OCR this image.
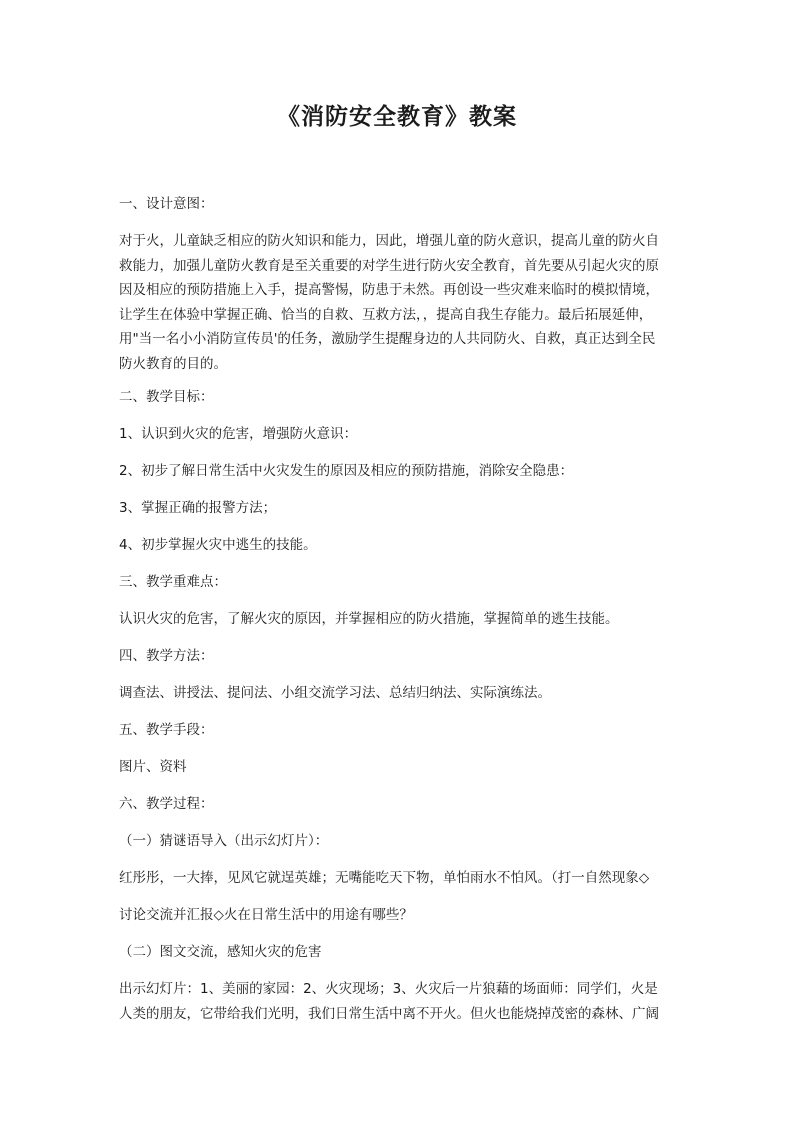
《消防安全教育》教案

一、设计意图：

对于火，儿童缺乏相应的防火知识和能力，因此，增强儿童的防火意识，提高儿童的防火自
救能力，加强儿童防火教育是至关重要的对学生进行防火安全教育，首先要从引起火灾的原
因及相应的预防措施上入手，提高警惕，防患于未然。再创设一些灾难来临时的模拟情境，
让学生在体验中掌握正确、恰当的自救、互救方法，，提高自我生存能力。最后拓展延伸，
用"当一名小小消防宣传员'的任务，激励学生提醒身边的人共同防火、自救，真正达到全民
防火教育的目的。

二、教学目标：

1、认识到火灾的危害，增强防火意识：

2、初步了解日常生活中火灾发生的原因及相应的预防措施，消除安全隐患：

3、掌握正确的报警方法；

4、初步掌握火灾中逃生的技能。

三、教学重难点：

认识火灾的危害，了解火灾的原因，并掌握相应的防火措施，掌握简单的逃生技能。

四、教学方法：

调查法、讲授法、提问法、小组交流学习法、总结归纳法、实际演练法。

五、教学手段：

图片、资料

六、教学过程：

（一）猜谜语导入（出示幻灯片）：

红彤彤，一大捧，见风它就逞英雄；无嘴能吃天下物，单怕雨水不怕风。（打一自然现象◇

讨论交流并汇报◇火在日常生活中的用途有哪些？

（二）图文交流，感知火灾的危害

出示幻灯片：1、美丽的家园：2、火灾现场；3、火灾后一片狼藉的场面师：同学们，火是
人类的朋友，它带给我们光明，我们日常生活中离不开火。但火也能烧掉茂密的森林、广阔
